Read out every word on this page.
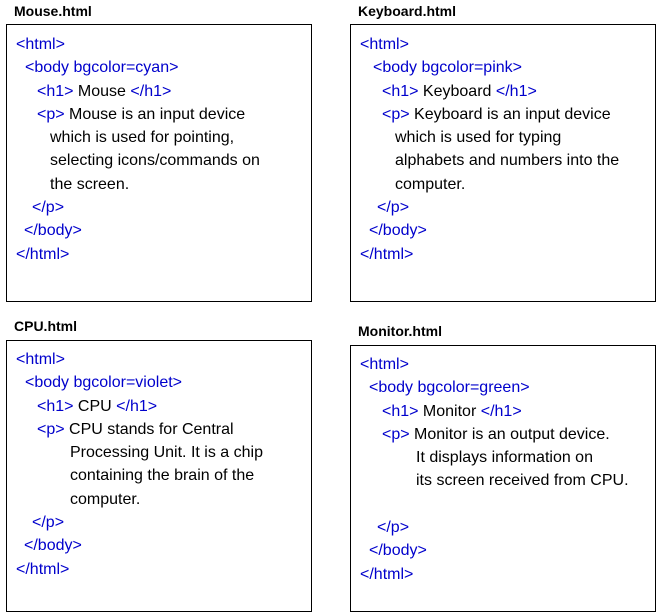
Mouse.html
<html>
<body bgcolor=cyan>
<h1> Mouse </h1>
<p> Mouse is an input device
which is used for pointing,
selecting icons/commands on
the screen.
</p>
</body>
</html>
Keyboard.html
<html>
<body bgcolor=pink>
<h1> Keyboard </h1>
<p> Keyboard is an input device
which is used for typing
alphabets and numbers into the
computer.
</p>
</body>
</html>
CPU.html
<html>
<body bgcolor=violet>
<h1> CPU </h1>
<p> CPU stands for Central
Processing Unit. It is a chip
containing the brain of the
computer.
</p>
</body>
</html>
Monitor.html
<html>
<body bgcolor=green>
<h1> Monitor </h1>
<p> Monitor is an output device.
It displays information on
its screen received from CPU.
</p>
</body>
</html>
